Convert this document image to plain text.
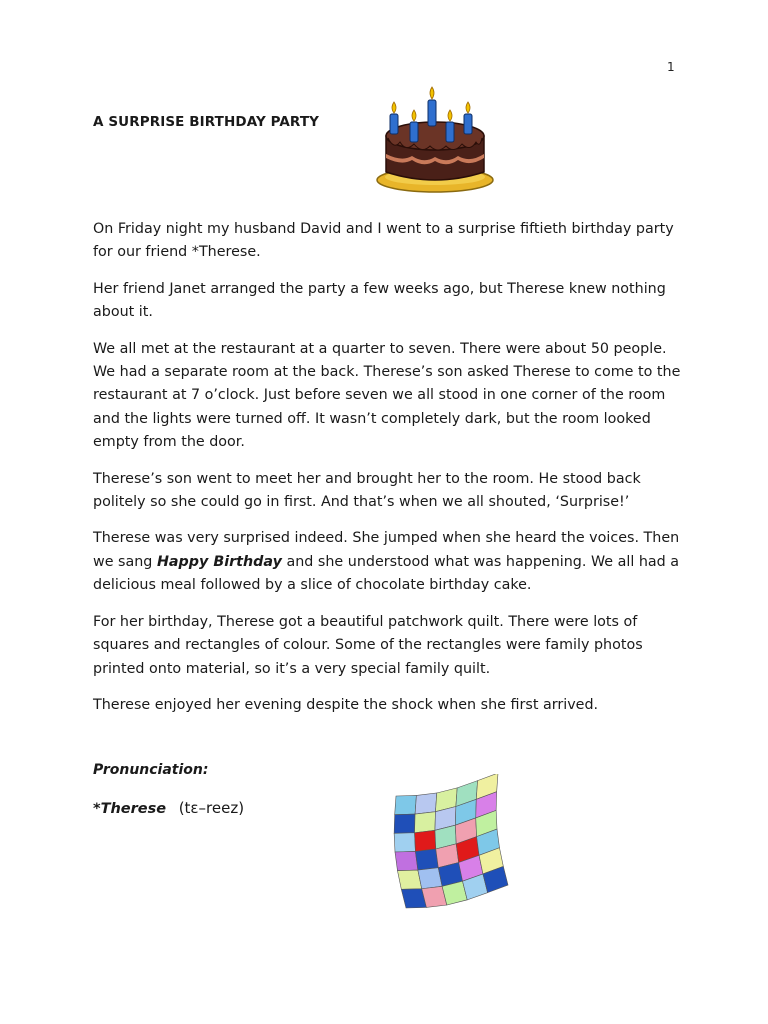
1
A SURPRISE BIRTHDAY PARTY

On Friday night my husband David and I went to a surprise fiftieth birthday party for our friend *Therese.

Her friend Janet arranged the party a few weeks ago, but Therese knew nothing about it.

We all met at the restaurant at a quarter to seven. There were about 50 people. We had a separate room at the back. Therese’s son asked Therese to come to the restaurant at 7 o’clock. Just before seven we all stood in one corner of the room and the lights were turned off. It wasn’t completely dark, but the room looked empty from the door.

Therese’s son went to meet her and brought her to the room. He stood back politely so she could go in first. And that’s when we all shouted, ‘Surprise!’

Therese was very surprised indeed. She jumped when she heard the voices. Then we sang Happy Birthday and she understood what was happening. We all had a delicious meal followed by a slice of chocolate birthday cake.

For her birthday, Therese got a beautiful patchwork quilt. There were lots of squares and rectangles of colour. Some of the rectangles were family photos printed onto material, so it’s a very special family quilt.

Therese enjoyed her evening despite the shock when she first arrived.

Pronunciation:
*Therese (tɛ–reez)
